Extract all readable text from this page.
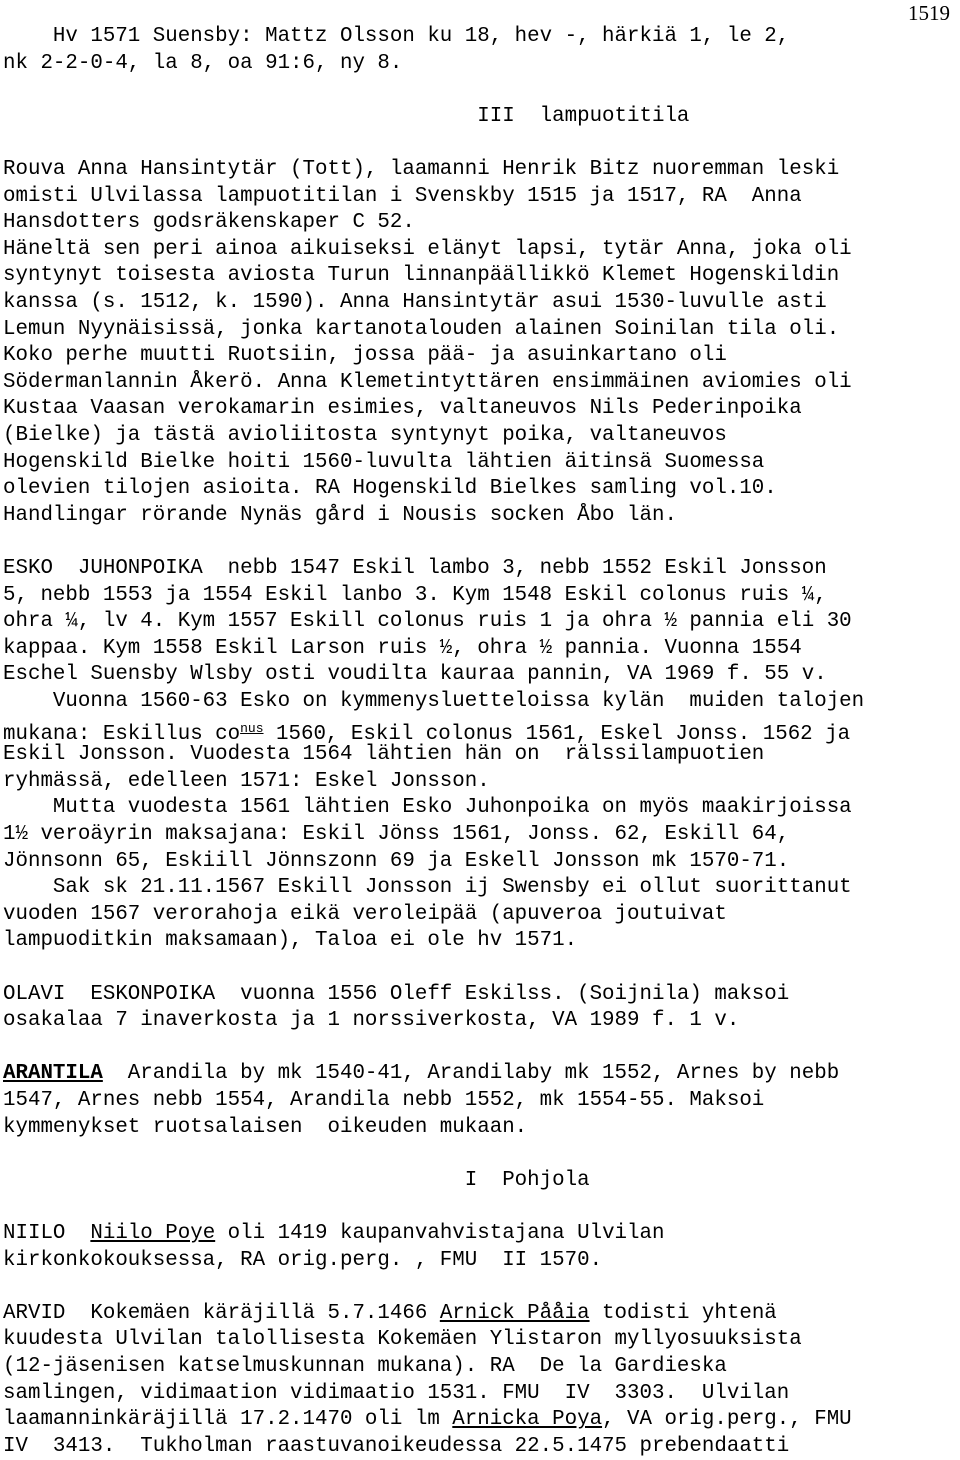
1519
Hv 1571 Suensby: Mattz Olsson ku 18, hev -, härkiä 1, le 2,
nk 2-2-0-4, la 8, oa 91:6, ny 8.
III  lampuotitila
Rouva Anna Hansintytär (Tott), laamanni Henrik Bitz nuoremman leski
omisti Ulvilassa lampuotitilan i Svenskby 1515 ja 1517, RA  Anna
Hansdotters godsräkenskaper C 52.
Häneltä sen peri ainoa aikuiseksi elänyt lapsi, tytär Anna, joka oli
syntynyt toisesta aviosta Turun linnanpäällikkö Klemet Hogenskildin
kanssa (s. 1512, k. 1590). Anna Hansintytär asui 1530-luvulle asti
Lemun Nyynäisissä, jonka kartanotalouden alainen Soinilan tila oli.
Koko perhe muutti Ruotsiin, jossa pää- ja asuinkartano oli
Södermanlannin Åkerö. Anna Klemetintyttären ensimmäinen aviomies oli
Kustaa Vaasan verokamarin esimies, valtaneuvos Nils Pederinpoika
(Bielke) ja tästä avioliitosta syntynyt poika, valtaneuvos
Hogenskild Bielke hoiti 1560-luvulta lähtien äitinsä Suomessa
olevien tilojen asioita. RA Hogenskild Bielkes samling vol.10.
Handlingar rörande Nynäs gård i Nousis socken Åbo län.
ESKO  JUHONPOIKA  nebb 1547 Eskil lambo 3, nebb 1552 Eskil Jonsson
5, nebb 1553 ja 1554 Eskil lanbo 3. Kym 1548 Eskil colonus ruis ¼,
ohra ¼, lv 4. Kym 1557 Eskill colonus ruis 1 ja ohra ½ pannia eli 30
kappaa. Kym 1558 Eskil Larson ruis ½, ohra ½ pannia. Vuonna 1554
Eschel Suensby Wlsby osti voudilta kauraa pannin, VA 1969 f. 55 v.
Vuonna 1560-63 Esko on kymmenysluetteloissa kylän  muiden talojen
mukana: Eskillus $co^{nus}$ 1560, Eskil colonus 1561, Eskel Jonss. 1562 ja
Eskil Jonsson. Vuodesta 1564 lähtien hän on  rälssilampuotien
ryhmässä, edelleen 1571: Eskel Jonsson.
Mutta vuodesta 1561 lähtien Esko Juhonpoika on myös maakirjoissa
1½ veroäyrin maksajana: Eskil Jönss 1561, Jonss. 62, Eskill 64,
Jönnsonn 65, Eskiill Jönnszonn 69 ja Eskell Jonsson mk 1570-71.
Sak sk 21.11.1567 Eskill Jonsson ij Swensby ei ollut suorittanut
vuoden 1567 verorahoja eikä veroleipää (apuveroa joutuivat
lampuoditkin maksamaan), Taloa ei ole hv 1571.
OLAVI  ESKONPOIKA  vuonna 1556 Oleff Eskilss. (Soijnila) maksoi
osakalaa 7 inaverkosta ja 1 norssiverkosta, VA 1989 f. 1 v.
ARANTILA  Arandila by mk 1540-41, Arandilaby mk 1552, Arnes by nebb
1547, Arnes nebb 1554, Arandila nebb 1552, mk 1554-55. Maksoi
kymmenykset ruotsalaisen  oikeuden mukaan.
I  Pohjola
NIILO  Niilo Poye oli 1419 kaupanvahvistajana Ulvilan
kirkonkokouksessa, RA orig.perg. , FMU  II 1570.
ARVID  Kokemäen käräjillä 5.7.1466 Arnick Pååia todisti yhtenä
kuudesta Ulvilan talollisesta Kokemäen Ylistaron myllyosuuksista
(12-jäsenisen katselmuskunnan mukana). RA  De la Gardieska
samlingen, vidimaation vidimaatio 1531. FMU  IV  3303.  Ulvilan
laamanninkäräjillä 17.2.1470 oli lm Arnicka Poya, VA orig.perg., FMU
IV  3413.  Tukholman raastuvanoikeudessa 22.5.1475 prebendaatti
